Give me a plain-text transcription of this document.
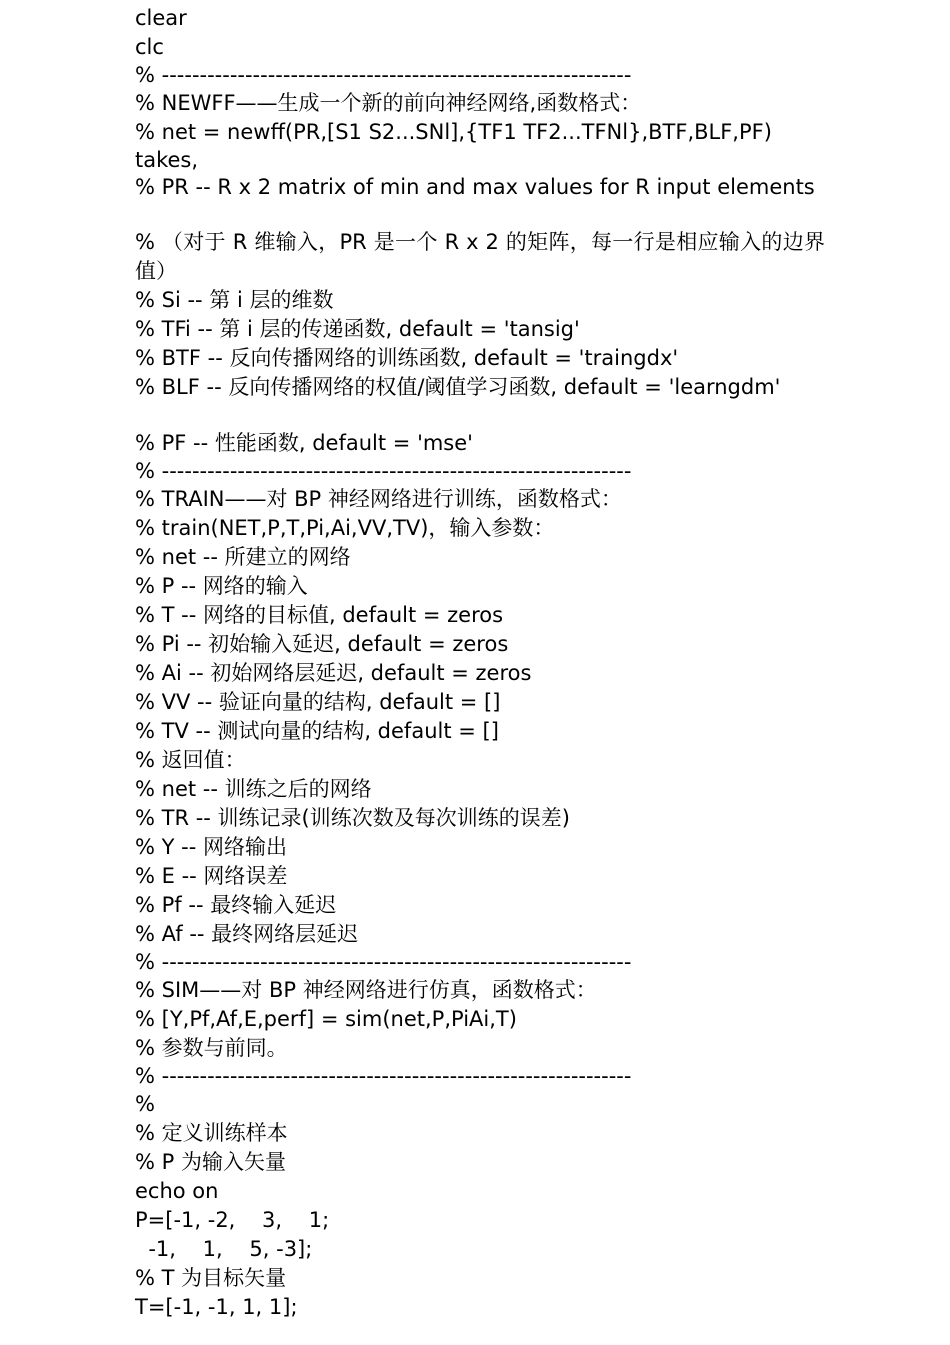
clear
clc
% --------------------------------------------------------------
% NEWFF——生成一个新的前向神经网络,函数格式：
% net = newff(PR,[S1 S2...SNl],{TF1 TF2...TFNl},BTF,BLF,PF) takes,
% PR -- R x 2 matrix of min and max values for R input elements
% （对于 R 维输入，PR 是一个 R x 2 的矩阵，每一行是相应输入的边界值）
% Si -- 第 i 层的维数
% TFi -- 第 i 层的传递函数, default = 'tansig'
% BTF -- 反向传播网络的训练函数, default = 'traingdx'
% BLF -- 反向传播网络的权值/阈值学习函数, default = 'learngdm'
% PF -- 性能函数, default = 'mse'
% --------------------------------------------------------------
% TRAIN——对 BP 神经网络进行训练，函数格式：
% train(NET,P,T,Pi,Ai,VV,TV)，输入参数：
% net -- 所建立的网络
% P -- 网络的输入
% T -- 网络的目标值, default = zeros
% Pi -- 初始输入延迟, default = zeros
% Ai -- 初始网络层延迟, default = zeros
% VV -- 验证向量的结构, default = []
% TV -- 测试向量的结构, default = []
% 返回值：
% net -- 训练之后的网络
% TR -- 训练记录(训练次数及每次训练的误差)
% Y -- 网络输出
% E -- 网络误差
% Pf -- 最终输入延迟
% Af -- 最终网络层延迟
% --------------------------------------------------------------
% SIM——对 BP 神经网络进行仿真，函数格式：
% [Y,Pf,Af,E,perf] = sim(net,P,PiAi,T)
% 参数与前同。
% --------------------------------------------------------------
%
% 定义训练样本
% P 为输入矢量
echo on
P=[-1, -2,    3,    1;
-1,    1,    5, -3];
% T 为目标矢量
T=[-1, -1, 1, 1];
